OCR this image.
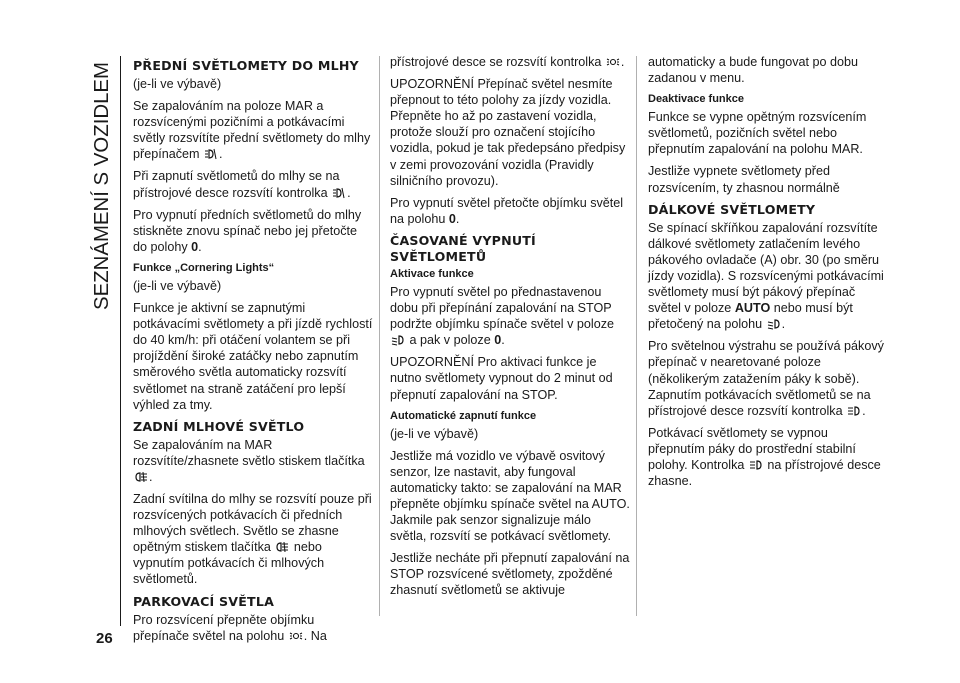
SEZNÁMENÍ S VOZIDLEM
26
PŘEDNÍ SVĚTLOMETY DO MLHY

(je-li ve výbavě)

Se zapalováním na poloze MAR a rozsvícenými pozičními a potkávacími světly rozsvítíte přední světlomety do mlhy přepínačem .

Při zapnutí světlometů do mlhy se na přístrojové desce rozsvítí kontrolka .

Pro vypnutí předních světlometů do mlhy stiskněte znovu spínač nebo jej přetočte do polohy 0.

Funkce „Cornering Lights“

(je-li ve výbavě)

Funkce je aktivní se zapnutými potkávacími světlomety a při jízdě rychlostí do 40 km/h: při otáčení volantem se při projíždění široké zatáčky nebo zapnutím směrového světla automaticky rozsvítí světlomet na straně zatáčení pro lepší výhled za tmy.

ZADNÍ MLHOVÉ SVĚTLO

Se zapalováním na MAR rozsvítíte/zhasnete světlo stiskem tlačítka .

Zadní svítilna do mlhy se rozsvítí pouze při rozsvícených potkávacích či předních mlhových světlech. Světlo se zhasne opětným stiskem tlačítka  nebo vypnutím potkávacích či mlhových světlometů.

PARKOVACÍ SVĚTLA

Pro rozsvícení přepněte objímku přepínače světel na polohu . Na

přístrojové desce se rozsvítí kontrolka .

UPOZORNĚNÍ Přepínač světel nesmíte přepnout to této polohy za jízdy vozidla. Přepněte ho až po zastavení vozidla, protože slouží pro označení stojícího vozidla, pokud je tak předepsáno předpisy v zemi provozování vozidla (Pravidly silničního provozu).

Pro vypnutí světel přetočte objímku světel na polohu 0.

ČASOVANÉ VYPNUTÍ SVĚTLOMETŮ
Aktivace funkce

Pro vypnutí světel po přednastavenou dobu při přepínání zapalování na STOP podržte objímku spínače světel v poloze  a pak v poloze 0.

UPOZORNĚNÍ Pro aktivaci funkce je nutno světlomety vypnout do 2 minut od přepnutí zapalování na STOP.

Automatické zapnutí funkce

(je-li ve výbavě)

Jestliže má vozidlo ve výbavě osvitový senzor, lze nastavit, aby fungoval automaticky takto: se zapalování na MAR přepněte objímku spínače světel na AUTO. Jakmile pak senzor signalizuje málo světla, rozsvítí se potkávací světlomety.

Jestliže necháte při přepnutí zapalování na STOP rozsvícené světlomety, zpožděné zhasnutí světlometů se aktivuje

automaticky a bude fungovat po dobu zadanou v menu.

Deaktivace funkce

Funkce se vypne opětným rozsvícením světlometů, pozičních světel nebo přepnutím zapalování na polohu MAR.

Jestliže vypnete světlomety před rozsvícením, ty zhasnou normálně

DÁLKOVÉ SVĚTLOMETY

Se spínací skříňkou zapalování rozsvítíte dálkové světlomety zatlačením levého pákového ovladače (A) obr. 30 (po směru jízdy vozidla). S rozsvícenými potkávacími světlomety musí být pákový přepínač světel v poloze AUTO nebo musí být přetočený na polohu .

Pro světelnou výstrahu se používá pákový přepínač v nearetované poloze (několikerým zatažením páky k sobě). Zapnutím potkávacích světlometů se na přístrojové desce rozsvítí kontrolka .

Potkávací světlomety se vypnou přepnutím páky do prostřední stabilní polohy. Kontrolka  na přístrojové desce zhasne.
